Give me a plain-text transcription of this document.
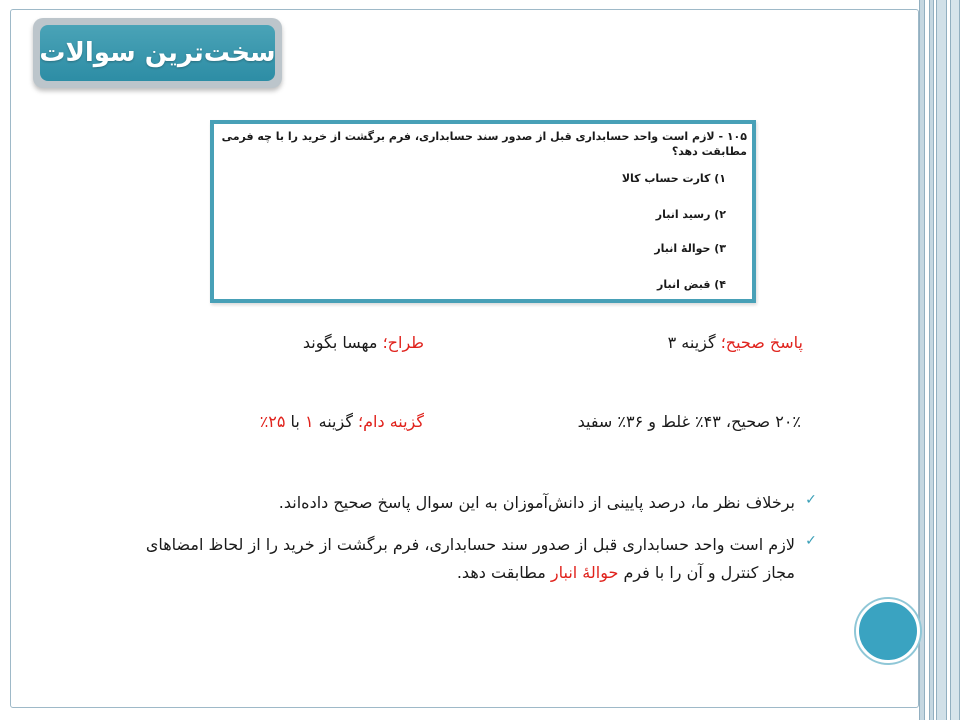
سخت‌ترین سوالات
۱۰۵ - لازم است واحد حسابداری قبل از صدور سند حسابداری، فرم برگشت از خرید را با چه فرمی مطابقت دهد؟
۱) کارت حساب کالا
۲) رسید انبار
۳) حوالهٔ انبار
۴) قبض انبار
پاسخ صحیح؛ گزینه ۳
طراح؛ مهسا بگوند
۲۰٪ صحیح، ۴۳٪ غلط و ۳۶٪ سفید
گزینه دام؛ گزینه ۱ با ۲۵٪
✓
برخلاف نظر ما، درصد پایینی از دانش‌آموزان به این سوال پاسخ صحیح داده‌اند.
✓
لازم است واحد حسابداری قبل از صدور سند حسابداری، فرم برگشت از خرید را از لحاظ امضاهای مجاز کنترل و آن را با فرم حوالهٔ انبار مطابقت دهد.
